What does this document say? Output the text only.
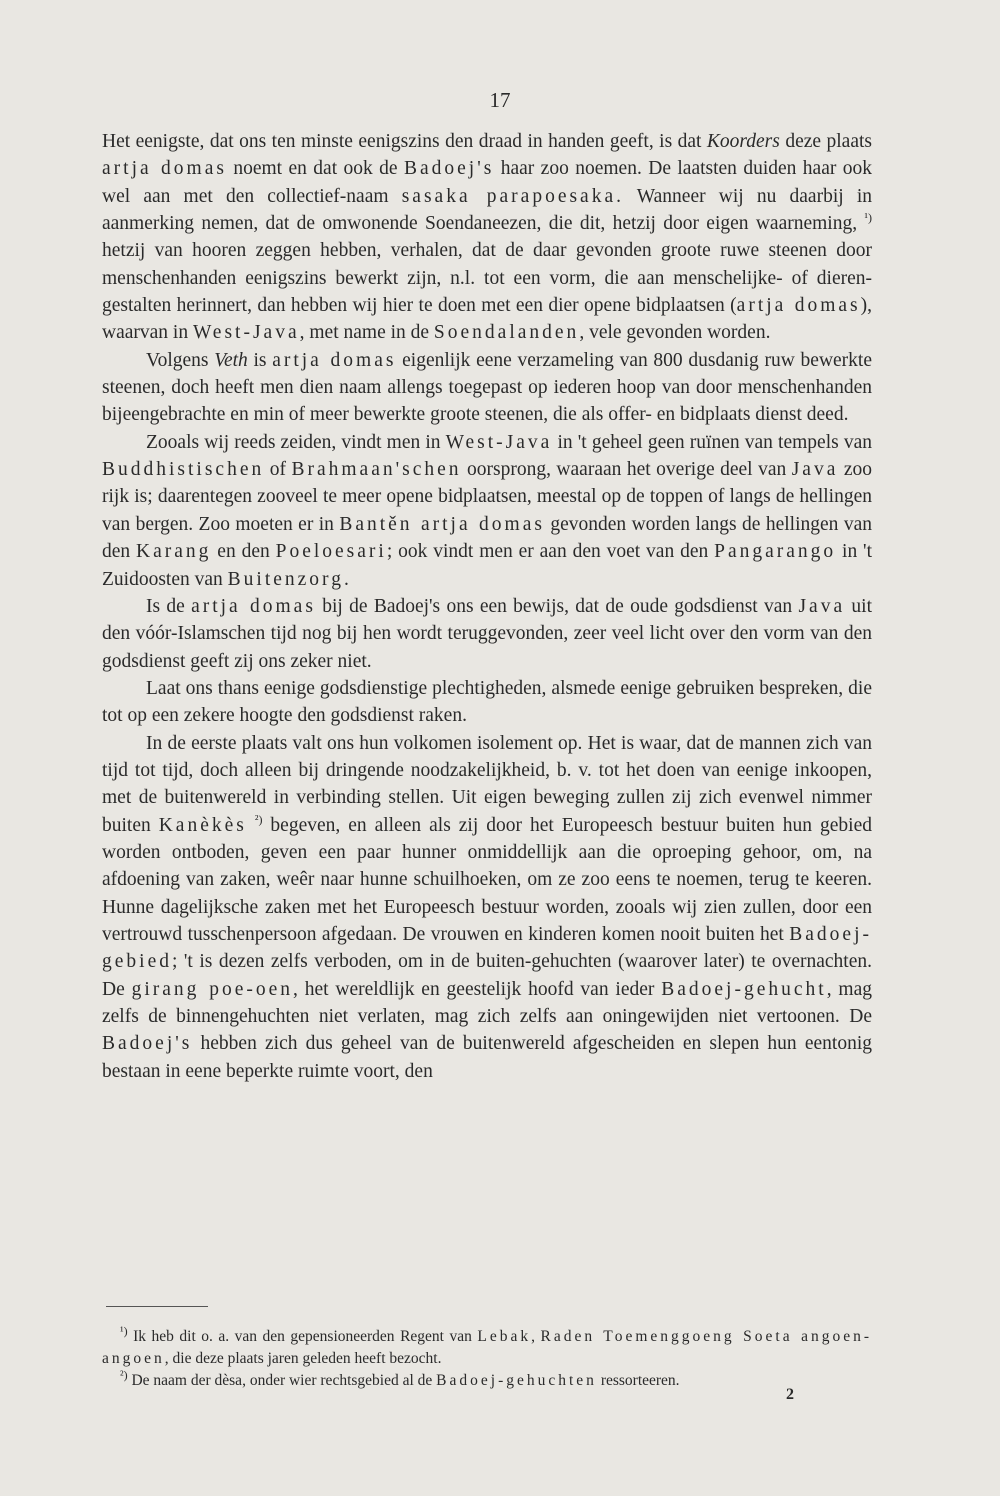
17

Het eenigste, dat ons ten minste eenigszins den draad in handen geeft, is dat Koorders deze plaats artja domas noemt en dat ook de Badoej's haar zoo noemen. De laatsten duiden haar ook wel aan met den collectief-naam sasaka parapoesaka. Wanneer wij nu daarbij in aanmerking nemen, dat de omwonende Soendaneezen, die dit, hetzij door eigen waarneming, $^{^1)}$ hetzij van hooren zeggen hebben, verhalen, dat de daar gevonden groote ruwe steenen door menschenhanden eenigszins bewerkt zijn, n.l. tot een vorm, die aan menschelijke- of dieren-gestalten herinnert, dan hebben wij hier te doen met een dier opene bidplaatsen (artja domas), waarvan in West-Java, met name in de Soendalanden, vele gevonden worden.

Volgens Veth is artja domas eigenlijk eene verzameling van 800 dusdanig ruw bewerkte steenen, doch heeft men dien naam allengs toegepast op iederen hoop van door menschenhanden bijeengebrachte en min of meer bewerkte groote steenen, die als offer- en bidplaats dienst deed.

Zooals wij reeds zeiden, vindt men in West-Java in 't geheel geen ruïnen van tempels van Buddhistischen of Brahmaan'schen oorsprong, waaraan het overige deel van Java zoo rijk is; daarentegen zooveel te meer opene bidplaatsen, meestal op de toppen of langs de hellingen van bergen. Zoo moeten er in Bantěn artja domas gevonden worden langs de hellingen van den Karang en den Poeloesari; ook vindt men er aan den voet van den Pangarango in 't Zuidoosten van Buitenzorg.

Is de artja domas bij de Badoej's ons een bewijs, dat de oude godsdienst van Java uit den vóór-Islamschen tijd nog bij hen wordt teruggevonden, zeer veel licht over den vorm van den godsdienst geeft zij ons zeker niet.

Laat ons thans eenige godsdienstige plechtigheden, alsmede eenige gebruiken bespreken, die tot op een zekere hoogte den godsdienst raken.

In de eerste plaats valt ons hun volkomen isolement op. Het is waar, dat de mannen zich van tijd tot tijd, doch alleen bij dringende noodzakelijkheid, b. v. tot het doen van eenige inkoopen, met de buitenwereld in verbinding stellen. Uit eigen beweging zullen zij zich evenwel nimmer buiten Kanèkès $^{^2)}$ begeven, en alleen als zij door het Europeesch bestuur buiten hun gebied worden ontboden, geven een paar hunner onmiddellijk aan die oproeping gehoor, om, na afdoening van zaken, weêr naar hunne schuilhoeken, om ze zoo eens te noemen, terug te keeren. Hunne dagelijksche zaken met het Europeesch bestuur worden, zooals wij zien zullen, door een vertrouwd tusschenpersoon afgedaan. De vrouwen en kinderen komen nooit buiten het Badoej-gebied; 't is dezen zelfs verboden, om in de buiten-gehuchten (waarover later) te overnachten. De girang poe-oen, het wereldlijk en geestelijk hoofd van ieder Badoej-gehucht, mag zelfs de binnengehuchten niet verlaten, mag zich zelfs aan oningewijden niet vertoonen. De Badoej's hebben zich dus geheel van de buitenwereld afgescheiden en slepen hun eentonig bestaan in eene beperkte ruimte voort, den

$^{^1)}$ Ik heb dit o. a. van den gepensioneerden Regent van Lebak, Raden Toemenggoeng Soeta angoen-angoen, die deze plaats jaren geleden heeft bezocht.

$^{^2)}$ De naam der dèsa, onder wier rechtsgebied al de Badoej-gehuchten ressorteeren.

2
